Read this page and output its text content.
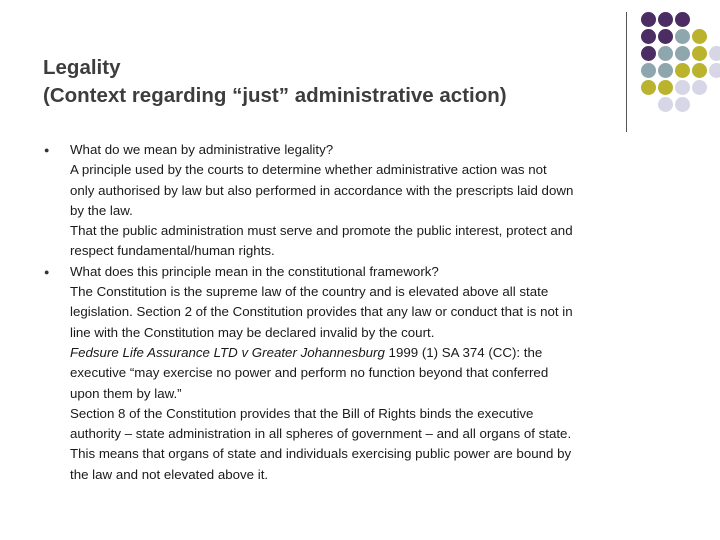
Legality
(Context regarding “just” administrative action)
● What do we mean by administrative legality?
A principle used by the courts to determine whether administrative action was not
only authorised by law but also performed in accordance with the prescripts laid down
by the law.
That the public administration must serve and promote the public interest, protect and
respect fundamental/human rights.
● What does this principle mean in the constitutional framework?
The Constitution is the supreme law of the country and is elevated above all state
legislation. Section 2 of the Constitution provides that any law or conduct that is not in
line with the Constitution may be declared invalid by the court.
Fedsure Life Assurance LTD v Greater Johannesburg 1999 (1) SA 374 (CC): the
executive “may exercise no power and perform no function beyond that conferred
upon them by law.”
Section 8 of the Constitution provides that the Bill of Rights binds the executive
authority – state administration in all spheres of government – and all organs of state.
This means that organs of state and individuals exercising public power are bound by
the law and not elevated above it.
